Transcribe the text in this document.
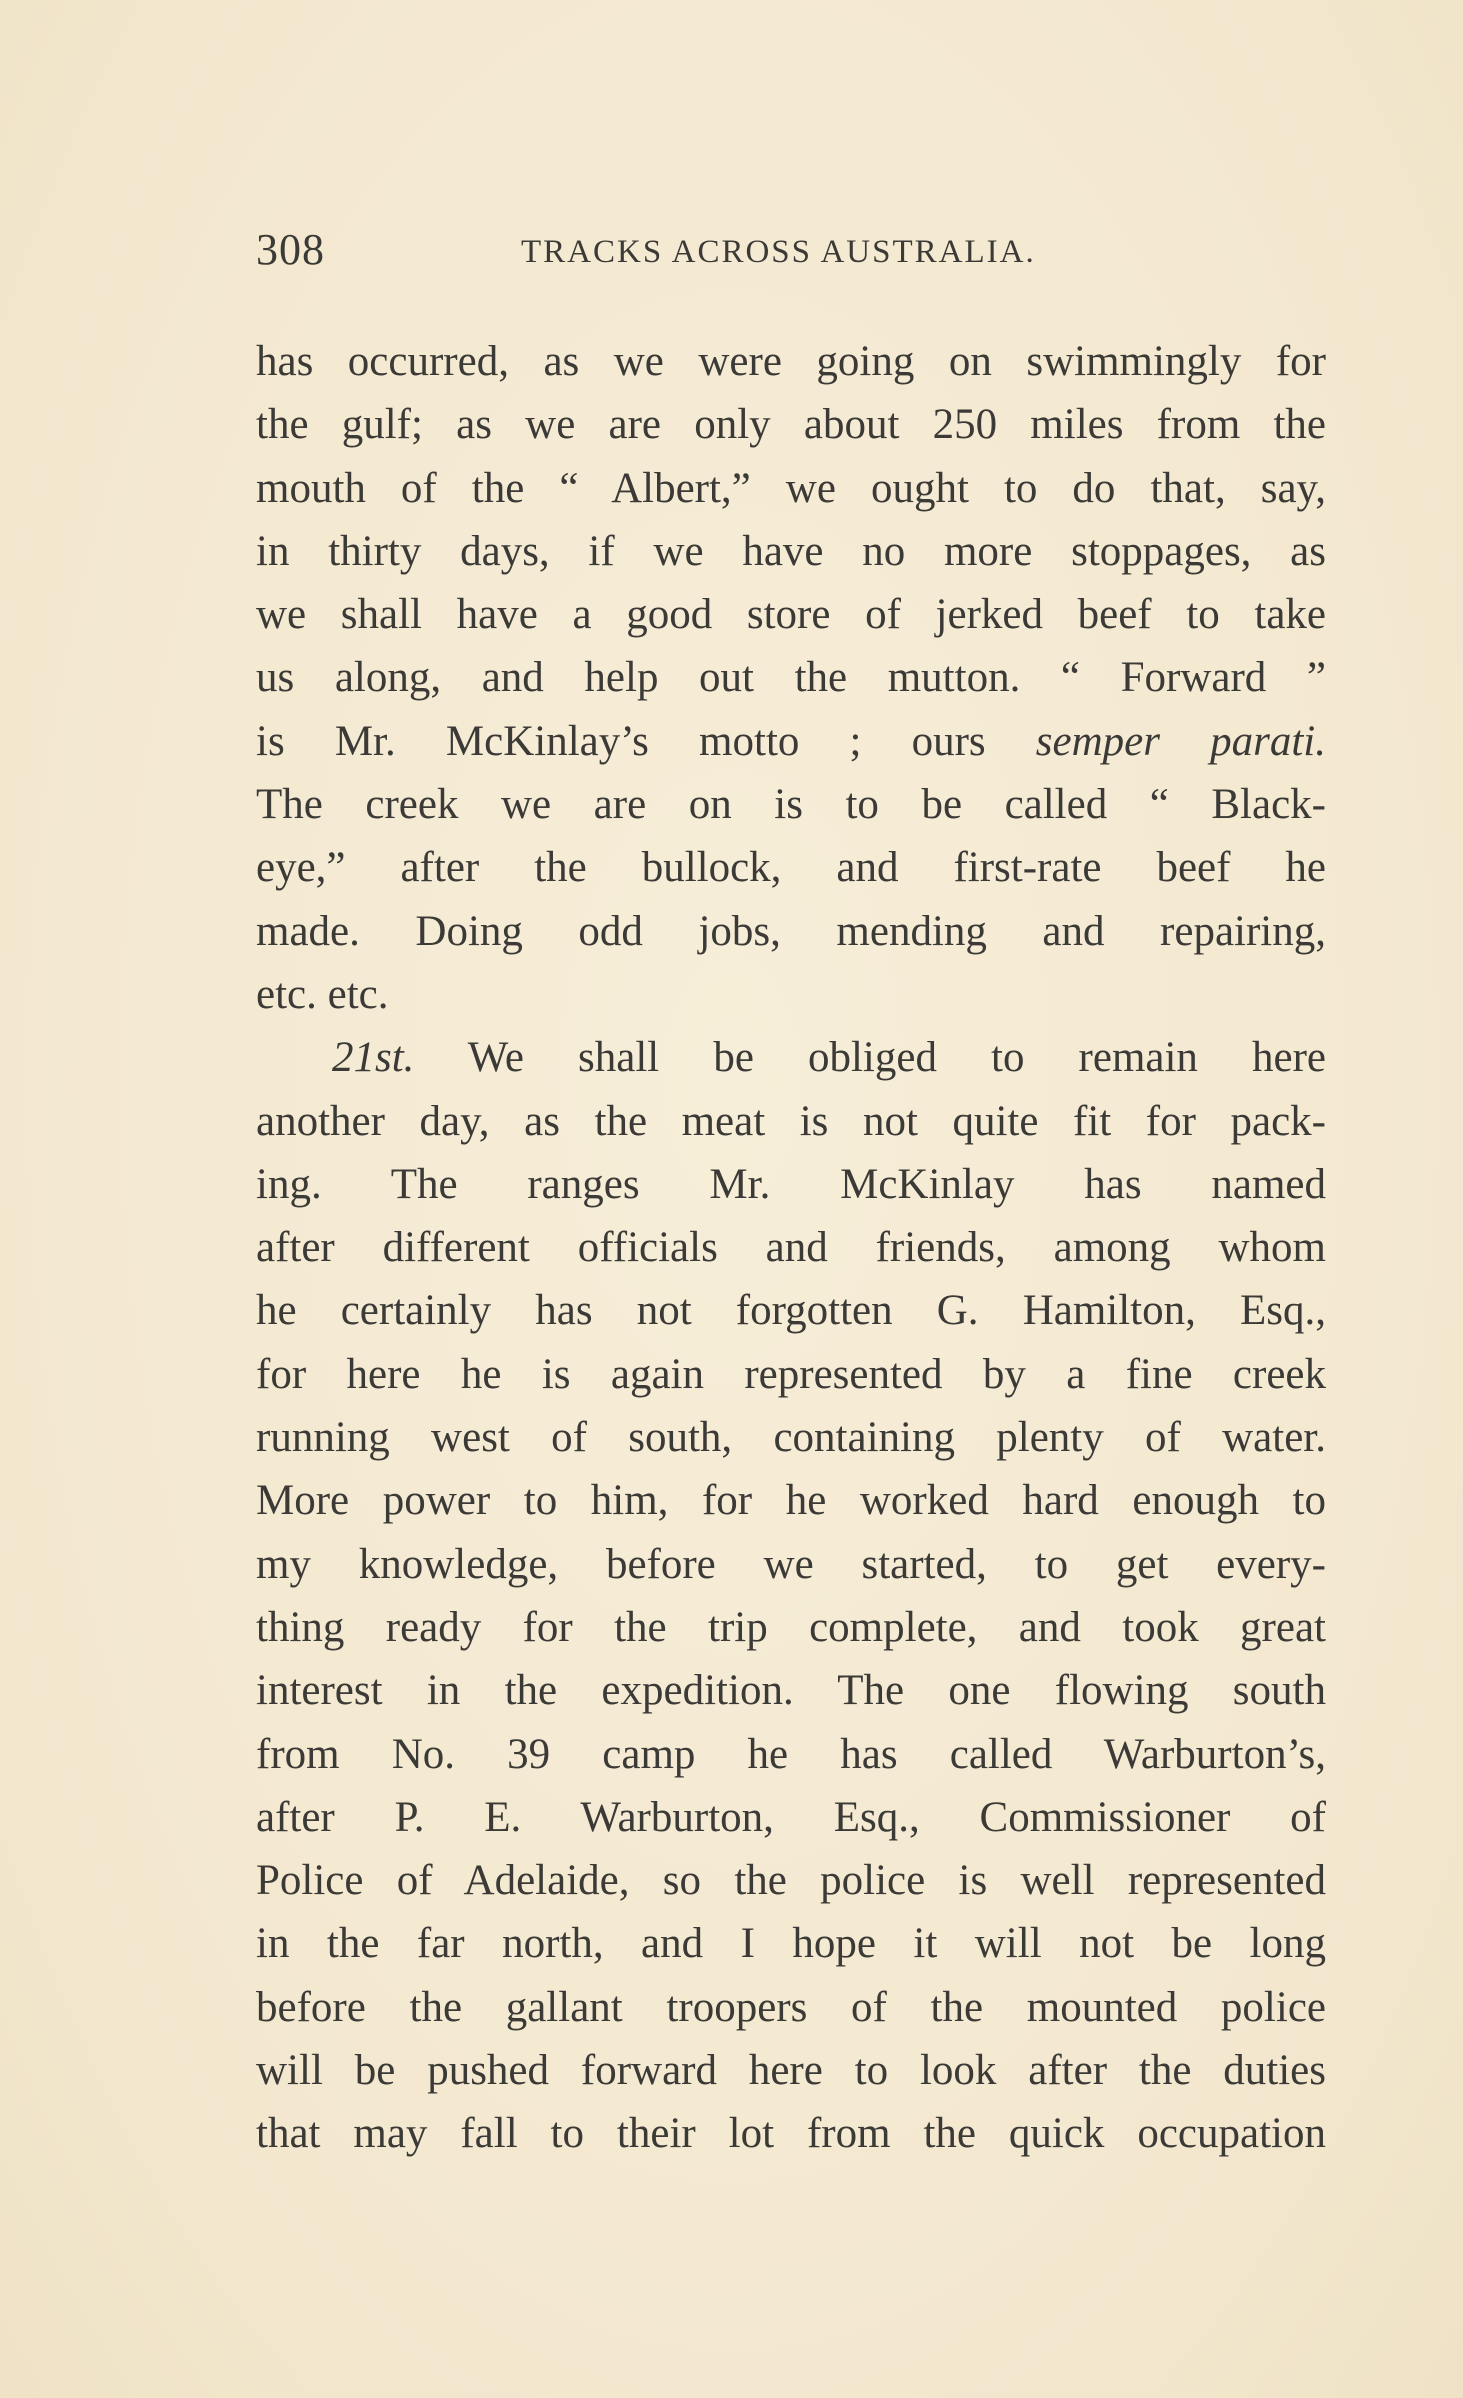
308	TRACKS ACROSS AUSTRALIA.
has occurred, as we were going on swimmingly for
the gulf; as we are only about 250 miles from the
mouth of the “ Albert,” we ought to do that, say,
in thirty days, if we have no more stoppages, as
we shall have a good store of jerked beef to take
us along, and help out the mutton. “ Forward ”
is Mr. McKinlay’s motto ; ours semper parati.
The creek we are on is to be called “ Black-
eye,” after the bullock, and first-rate beef he
made. Doing odd jobs, mending and repairing,
etc. etc.
21st. We shall be obliged to remain here
another day, as the meat is not quite fit for pack-
ing. The ranges Mr. McKinlay has named
after different officials and friends, among whom
he certainly has not forgotten G. Hamilton, Esq.,
for here he is again represented by a fine creek
running west of south, containing plenty of water.
More power to him, for he worked hard enough to
my knowledge, before we started, to get every-
thing ready for the trip complete, and took great
interest in the expedition. The one flowing south
from No. 39 camp he has called Warburton’s,
after P. E. Warburton, Esq., Commissioner of
Police of Adelaide, so the police is well represented
in the far north, and I hope it will not be long
before the gallant troopers of the mounted police
will be pushed forward here to look after the duties
that may fall to their lot from the quick occupation
